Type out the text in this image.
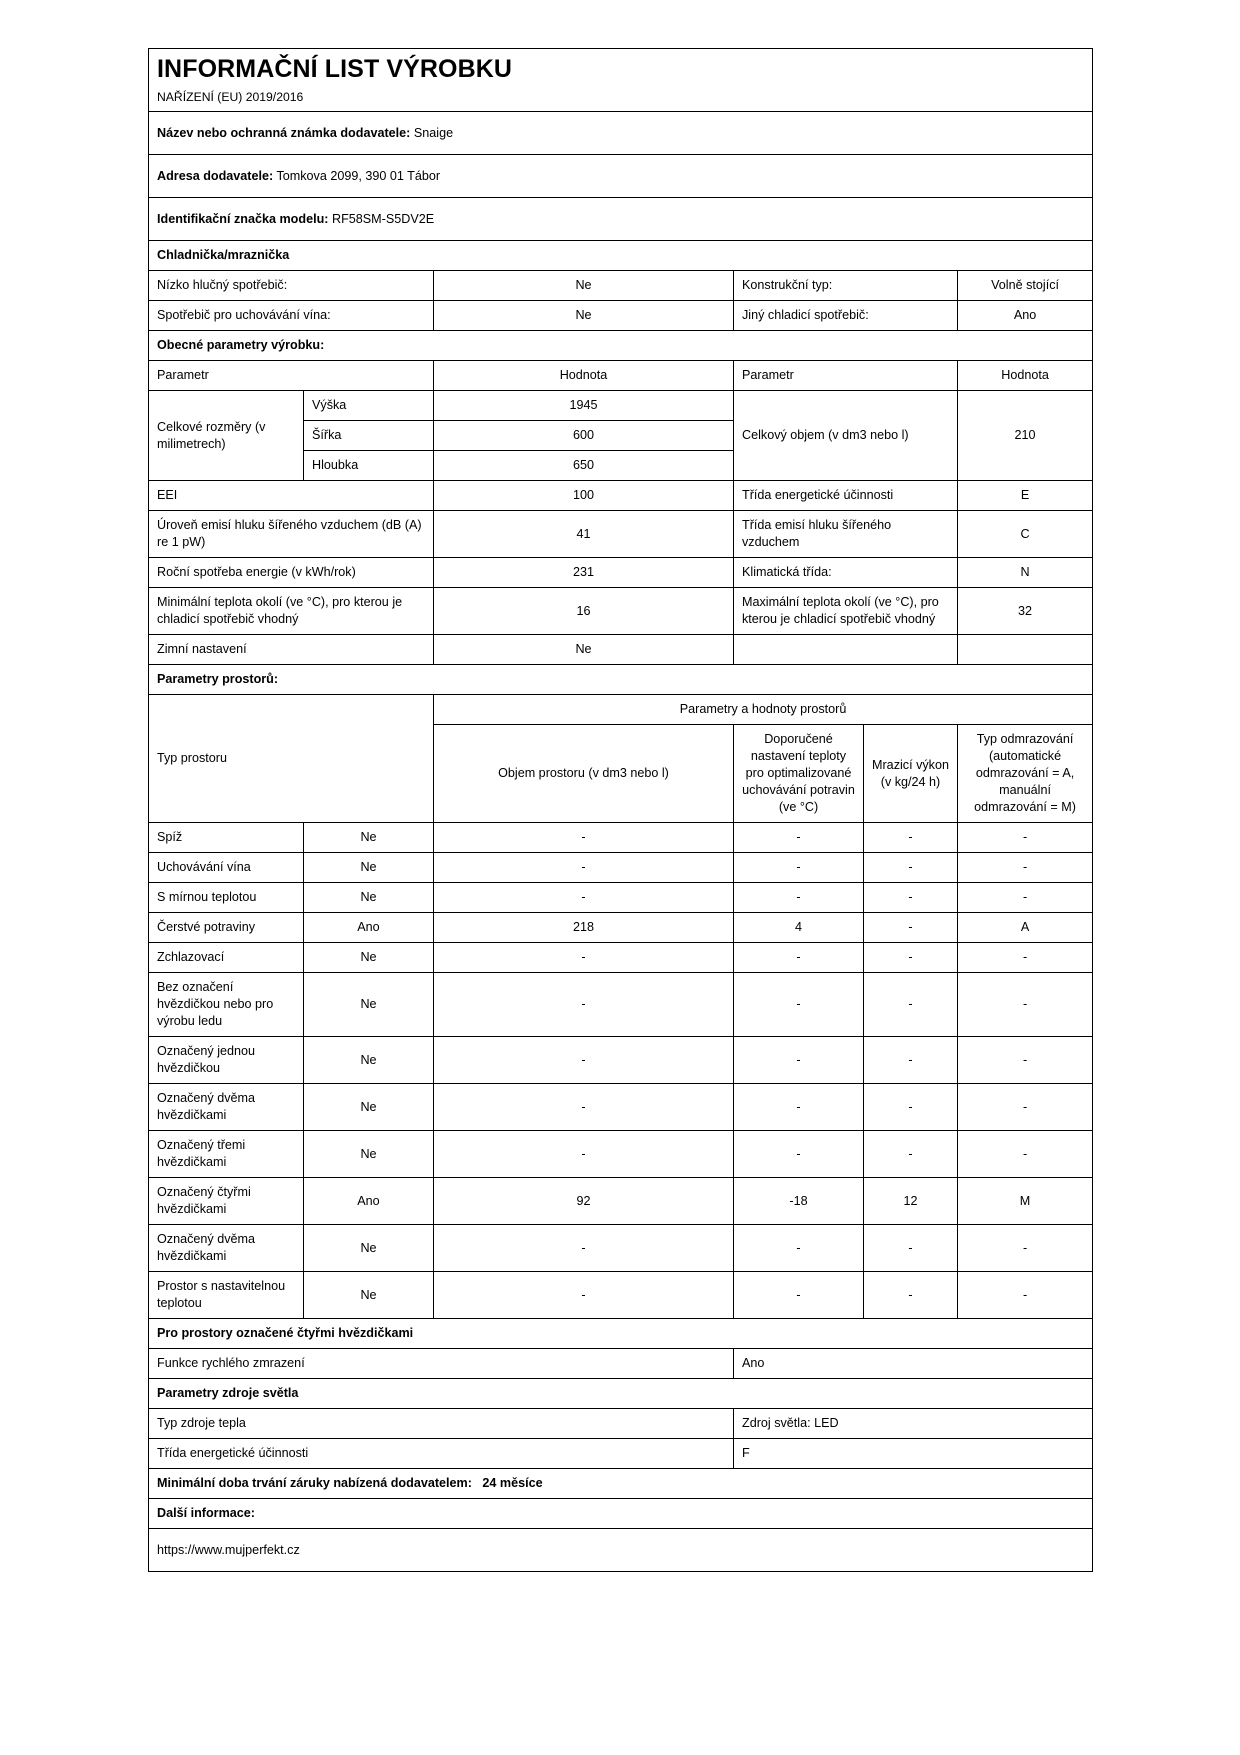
INFORMAČNÍ LIST VÝROBKU
NAŘÍZENÍ (EU) 2019/2016					

Název nebo ochranná známka dodavatele: Snaige					
Adresa dodavatele: Tomkova 2099, 390 01 Tábor					
Identifikační značka modelu: RF58SM-S5DV2E					
Chladnička/mraznička					
Nízko hlučný spotřebič:		Ne	Konstrukční typ:		Volně stojící
Spotřebič pro uchovávání vína:		Ne	Jiný chladicí spotřebič:		Ano
Obecné parametry výrobku:					
Parametr		Hodnota	Parametr		Hodnota
Celkové rozměry (v milimetrech)	Výška	1945	Celkový objem (v dm3 nebo l)		210
	Šířka	600			
	Hloubka	650			
EEI		100	Třída energetické účinnosti		E
Úroveň emisí hluku šířeného vzduchem (dB (A) re 1 pW)		41	Třída emisí hluku šířeného vzduchem		C
Roční spotřeba energie (v kWh/rok)		231	Klimatická třída:		N
Minimální teplota okolí (ve °C), pro kterou je chladicí spotřebič vhodný		16	Maximální teplota okolí (ve °C), pro kterou je chladicí spotřebič vhodný		32
Zimní nastavení		Ne			
Parametry prostorů:					
Typ prostoru		Parametry a hodnoty prostorů			
		Objem prostoru (v dm3 nebo l)	Doporučené nastavení teploty pro optimalizované uchovávání potravin (ve °C)	Mrazicí výkon (v kg/24 h)	Typ odmrazování (automatické odmrazování = A, manuální odmrazování = M)
Spíž	Ne	-	-	-	-
Uchovávání vína	Ne	-	-	-	-
S mírnou teplotou	Ne	-	-	-	-
Čerstvé potraviny	Ano	218	4	-	A
Zchlazovací	Ne	-	-	-	-
Bez označení hvězdičkou nebo pro výrobu ledu	Ne	-	-	-	-
Označený jednou hvězdičkou	Ne	-	-	-	-
Označený dvěma hvězdičkami	Ne	-	-	-	-
Označený třemi hvězdičkami	Ne	-	-	-	-
Označený čtyřmi hvězdičkami	Ano	92	-18	12	M
Označený dvěma hvězdičkami	Ne	-	-	-	-
Prostor s nastavitelnou teplotou	Ne	-	-	-	-
Pro prostory označené čtyřmi hvězdičkami					
Funkce rychlého zmrazení			Ano		
Parametry zdroje světla					
Typ zdroje tepla			Zdroj světla: LED		
Třída energetické účinnosti			F		
Minimální doba trvání záruky nabízená dodavatelem: 24 měsíce					
Další informace:					
https://www.mujperfekt.cz					
